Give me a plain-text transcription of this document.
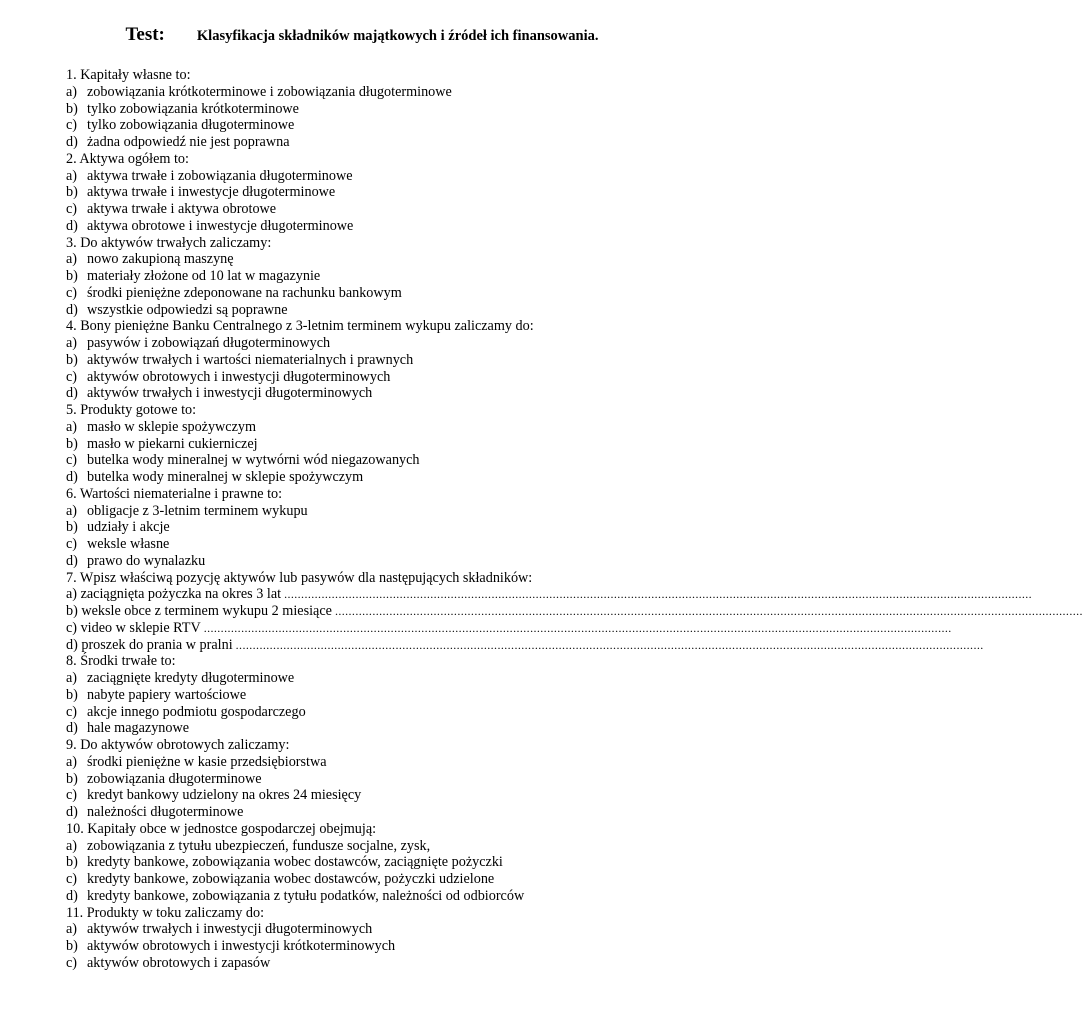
Test: Klasyfikacja składników majątkowych i źródeł ich finansowania.
1. Kapitały własne to:
a) zobowiązania krótkoterminowe i zobowiązania długoterminowe
b) tylko zobowiązania krótkoterminowe
c) tylko zobowiązania długoterminowe
d) żadna odpowiedź nie jest poprawna
2. Aktywa ogółem to:
a) aktywa trwałe i zobowiązania długoterminowe
b) aktywa trwałe i inwestycje długoterminowe
c) aktywa trwałe i aktywa obrotowe
d) aktywa obrotowe i inwestycje długoterminowe
3. Do aktywów trwałych zaliczamy:
a) nowo zakupioną maszynę
b) materiały złożone od 10 lat w magazynie
c) środki pieniężne zdeponowane na rachunku bankowym
d) wszystkie odpowiedzi są poprawne
4. Bony pieniężne Banku Centralnego z 3-letnim terminem wykupu zaliczamy do:
a) pasywów i zobowiązań długoterminowych
b) aktywów trwałych i wartości niematerialnych i prawnych
c) aktywów obrotowych i inwestycji długoterminowych
d) aktywów trwałych i inwestycji długoterminowych
5. Produkty gotowe to:
a) masło w sklepie spożywczym
b) masło w piekarni cukierniczej
c) butelka wody mineralnej w wytwórni wód niegazowanych
d) butelka wody mineralnej w sklepie spożywczym
6. Wartości niematerialne i prawne to:
a) obligacje z 3-letnim terminem wykupu
b) udziały i akcje
c) weksle własne
d) prawo do wynalazku
7. Wpisz właściwą pozycję aktywów lub pasywów dla następujących składników:
a) zaciągnięta pożyczka na okres 3 lat ............................................................................................................................................................................................................................
b) weksle obce z terminem wykupu 2 miesiące ............................................................................................................................................................................................................................
c) video w sklepie RTV ............................................................................................................................................................................................................................
d) proszek do prania w pralni ............................................................................................................................................................................................................................
8. Środki trwałe to:
a) zaciągnięte kredyty długoterminowe
b) nabyte papiery wartościowe
c) akcje innego podmiotu gospodarczego
d) hale magazynowe
9. Do aktywów obrotowych zaliczamy:
a) środki pieniężne w kasie przedsiębiorstwa
b) zobowiązania długoterminowe
c) kredyt bankowy udzielony na okres 24 miesięcy
d) należności długoterminowe
10. Kapitały obce w jednostce gospodarczej obejmują:
a) zobowiązania z tytułu ubezpieczeń, fundusze socjalne, zysk,
b) kredyty bankowe, zobowiązania wobec dostawców, zaciągnięte pożyczki
c) kredyty bankowe, zobowiązania wobec dostawców, pożyczki udzielone
d) kredyty bankowe, zobowiązania z tytułu podatków, należności od odbiorców
11. Produkty w toku zaliczamy do:
a) aktywów trwałych i inwestycji długoterminowych
b) aktywów obrotowych i inwestycji krótkoterminowych
c) aktywów obrotowych i zapasów
